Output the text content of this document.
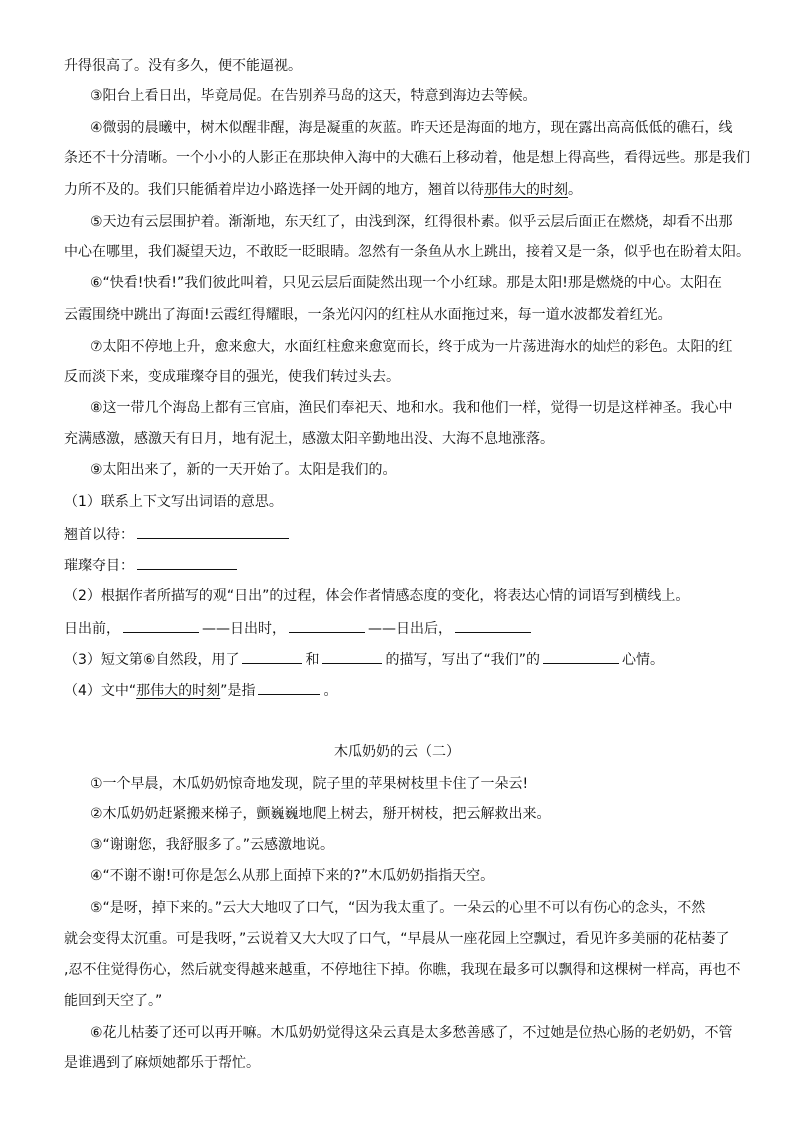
升得很高了。没有多久，便不能逼视。
③阳台上看日出，毕竟局促。在告别养马岛的这天，特意到海边去等候。
④微弱的晨曦中，树木似醒非醒，海是凝重的灰蓝。昨天还是海面的地方，现在露出高高低低的礁石，线
条还不十分清晰。一个小小的人影正在那块伸入海中的大礁石上移动着，他是想上得高些，看得远些。那是我们
力所不及的。我们只能循着岸边小路选择一处开阔的地方，翘首以待那伟大的时刻。
⑤天边有云层围护着。渐渐地，东天红了，由浅到深，红得很朴素。似乎云层后面正在燃烧，却看不出那
中心在哪里，我们凝望天边，不敢眨一眨眼睛。忽然有一条鱼从水上跳出，接着又是一条，似乎也在盼着太阳。
⑥“快看!快看!”我们彼此叫着，只见云层后面陡然出现一个小红球。那是太阳!那是燃烧的中心。太阳在
云霞围绕中跳出了海面!云霞红得耀眼，一条光闪闪的红柱从水面拖过来，每一道水波都发着红光。
⑦太阳不停地上升，愈来愈大，水面红柱愈来愈宽而长，终于成为一片荡进海水的灿烂的彩色。太阳的红
反而淡下来，变成璀璨夺目的强光，使我们转过头去。
⑧这一带几个海岛上都有三官庙，渔民们奉祀天、地和水。我和他们一样，觉得一切是这样神圣。我心中
充满感激，感激天有日月，地有泥土，感激太阳辛勤地出没、大海不息地涨落。
⑨太阳出来了，新的一天开始了。太阳是我们的。
（1）联系上下文写出词语的意思。
翘首以待：
璀璨夺目：
（2）根据作者所描写的观“日出”的过程，体会作者情感态度的变化，将表达心情的词语写到横线上。
日出前，	——日出时，	——日出后，
（3）短文第⑥自然段，用了	和	的描写，写出了“我们”的	心情。
（4）文中“那伟大的时刻”是指	。
木瓜奶奶的云（二）
①一个早晨，木瓜奶奶惊奇地发现，院子里的苹果树枝里卡住了一朵云!
②木瓜奶奶赶紧搬来梯子，颤巍巍地爬上树去，掰开树枝，把云解救出来。
③“谢谢您，我舒服多了。”云感激地说。
④“不谢不谢!可你是怎么从那上面掉下来的?”木瓜奶奶指指天空。
⑤“是呀，掉下来的。”云大大地叹了口气，“因为我太重了。一朵云的心里不可以有伤心的念头，不然
就会变得太沉重。可是我呀，”云说着又大大叹了口气，“早晨从一座花园上空飘过，看见许多美丽的花枯萎了
,忍不住觉得伤心，然后就变得越来越重，不停地往下掉。你瞧，我现在最多可以飘得和这棵树一样高，再也不
能回到天空了。”
⑥花儿枯萎了还可以再开嘛。木瓜奶奶觉得这朵云真是太多愁善感了，不过她是位热心肠的老奶奶，不管
是谁遇到了麻烦她都乐于帮忙。
